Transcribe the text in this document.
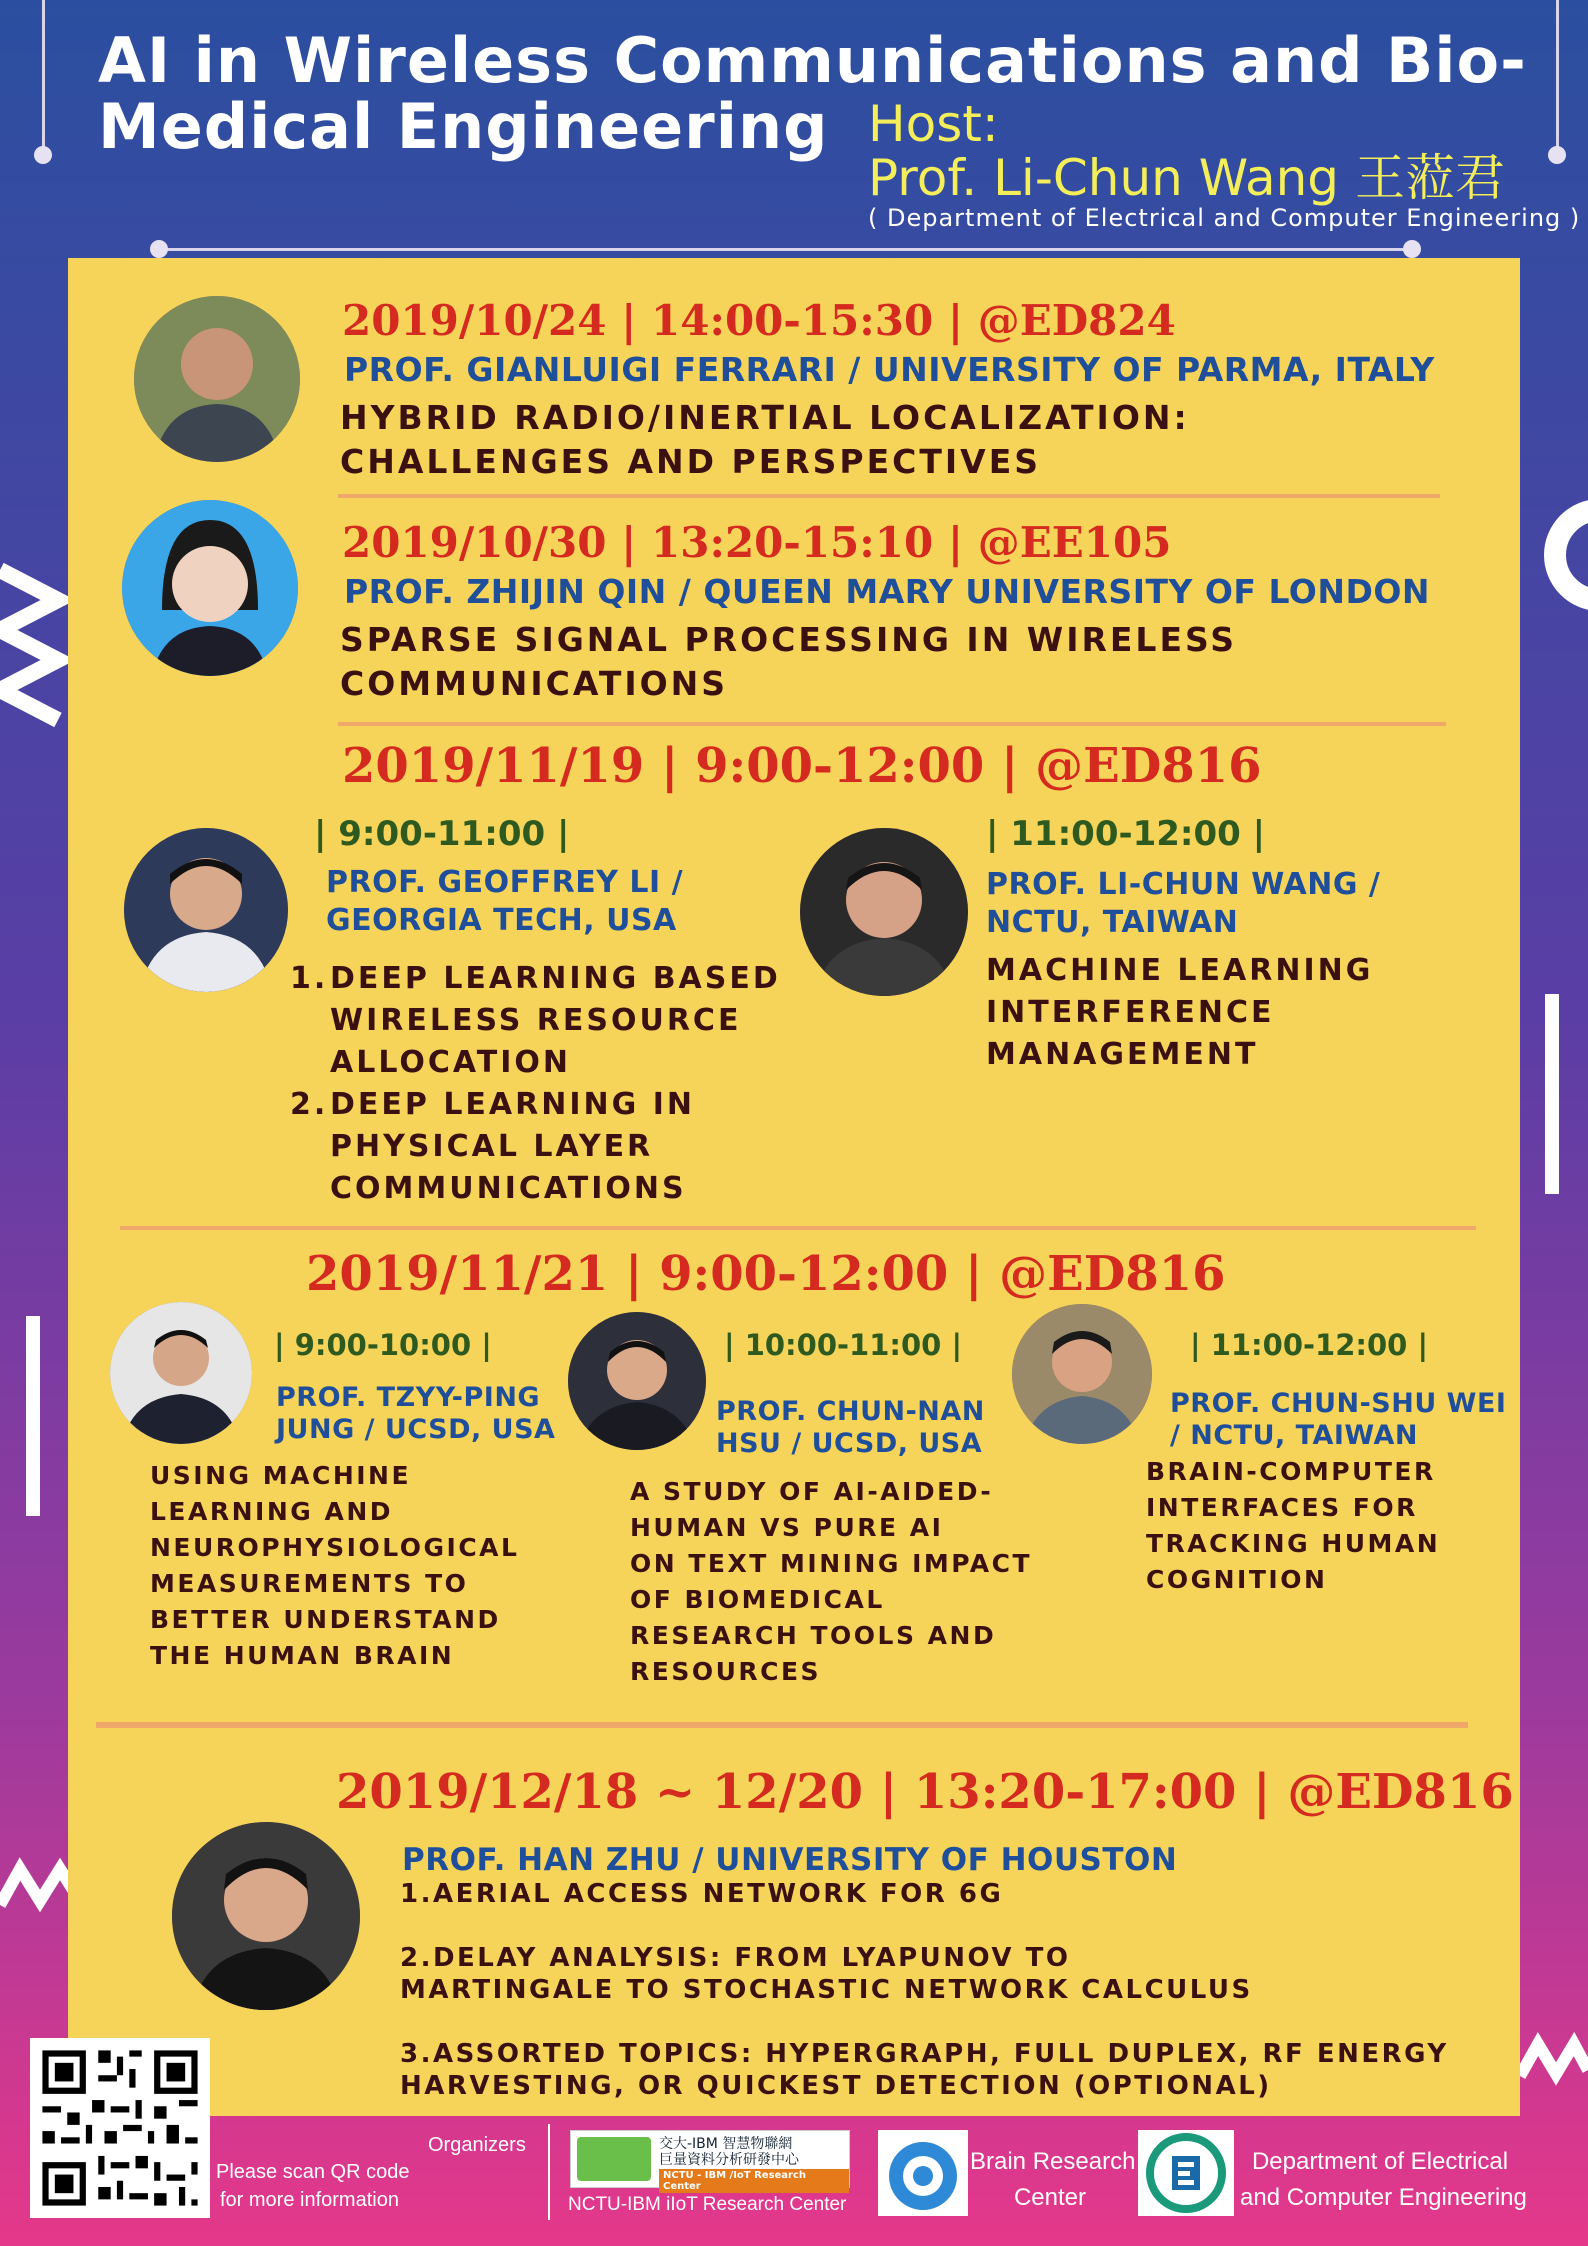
AI in Wireless Communications and Bio-
Medical Engineering Host:
Prof. Li-Chun Wang 王蒞君
( Department of Electrical and Computer Engineering )
2019/10/24 | 14:00-15:30 | @ED824
PROF. GIANLUIGI FERRARI / UNIVERSITY OF PARMA, ITALY
HYBRID RADIO/INERTIAL LOCALIZATION:
CHALLENGES AND PERSPECTIVES
2019/10/30 | 13:20-15:10 | @EE105
PROF. ZHIJIN QIN / QUEEN MARY UNIVERSITY OF LONDON
SPARSE SIGNAL PROCESSING IN WIRELESS
COMMUNICATIONS
2019/11/19 | 9:00-12:00 | @ED816
| 9:00-11:00 |
PROF. GEOFFREY LI /
GEORGIA TECH, USA
1. DEEP LEARNING BASED
WIRELESS RESOURCE
ALLOCATION
2. DEEP LEARNING IN
PHYSICAL LAYER
COMMUNICATIONS
| 11:00-12:00 |
PROF. LI-CHUN WANG /
NCTU, TAIWAN
MACHINE LEARNING
INTERFERENCE
MANAGEMENT
2019/11/21 | 9:00-12:00 | @ED816
| 9:00-10:00 |
PROF. TZYY-PING
JUNG / UCSD, USA
USING MACHINE
LEARNING AND
NEUROPHYSIOLOGICAL
MEASUREMENTS TO
BETTER UNDERSTAND
THE HUMAN BRAIN
| 10:00-11:00 |
PROF. CHUN-NAN
HSU / UCSD, USA
A STUDY OF AI-AIDED-
HUMAN VS PURE AI
ON TEXT MINING IMPACT
OF BIOMEDICAL
RESEARCH TOOLS AND
RESOURCES
| 11:00-12:00 |
PROF. CHUN-SHU WEI
/ NCTU, TAIWAN
BRAIN-COMPUTER
INTERFACES FOR
TRACKING HUMAN
COGNITION
2019/12/18 ~ 12/20 | 13:20-17:00 | @ED816
PROF. HAN ZHU / UNIVERSITY OF HOUSTON
1.AERIAL ACCESS NETWORK FOR 6G
2.DELAY ANALYSIS: FROM LYAPUNOV TO
MARTINGALE TO STOCHASTIC NETWORK CALCULUS
3.ASSORTED TOPICS: HYPERGRAPH, FULL DUPLEX, RF ENERGY
HARVESTING, OR QUICKEST DETECTION (OPTIONAL)
Organizers
Please scan QR code
for more information
交大-IBM 智慧物聯網
巨量資料分析研發中心
NCTU - IBM /IoT Research Center
NCTU-IBM iIoT Research Center
Brain Research
Center
Department of Electrical
and Computer Engineering
